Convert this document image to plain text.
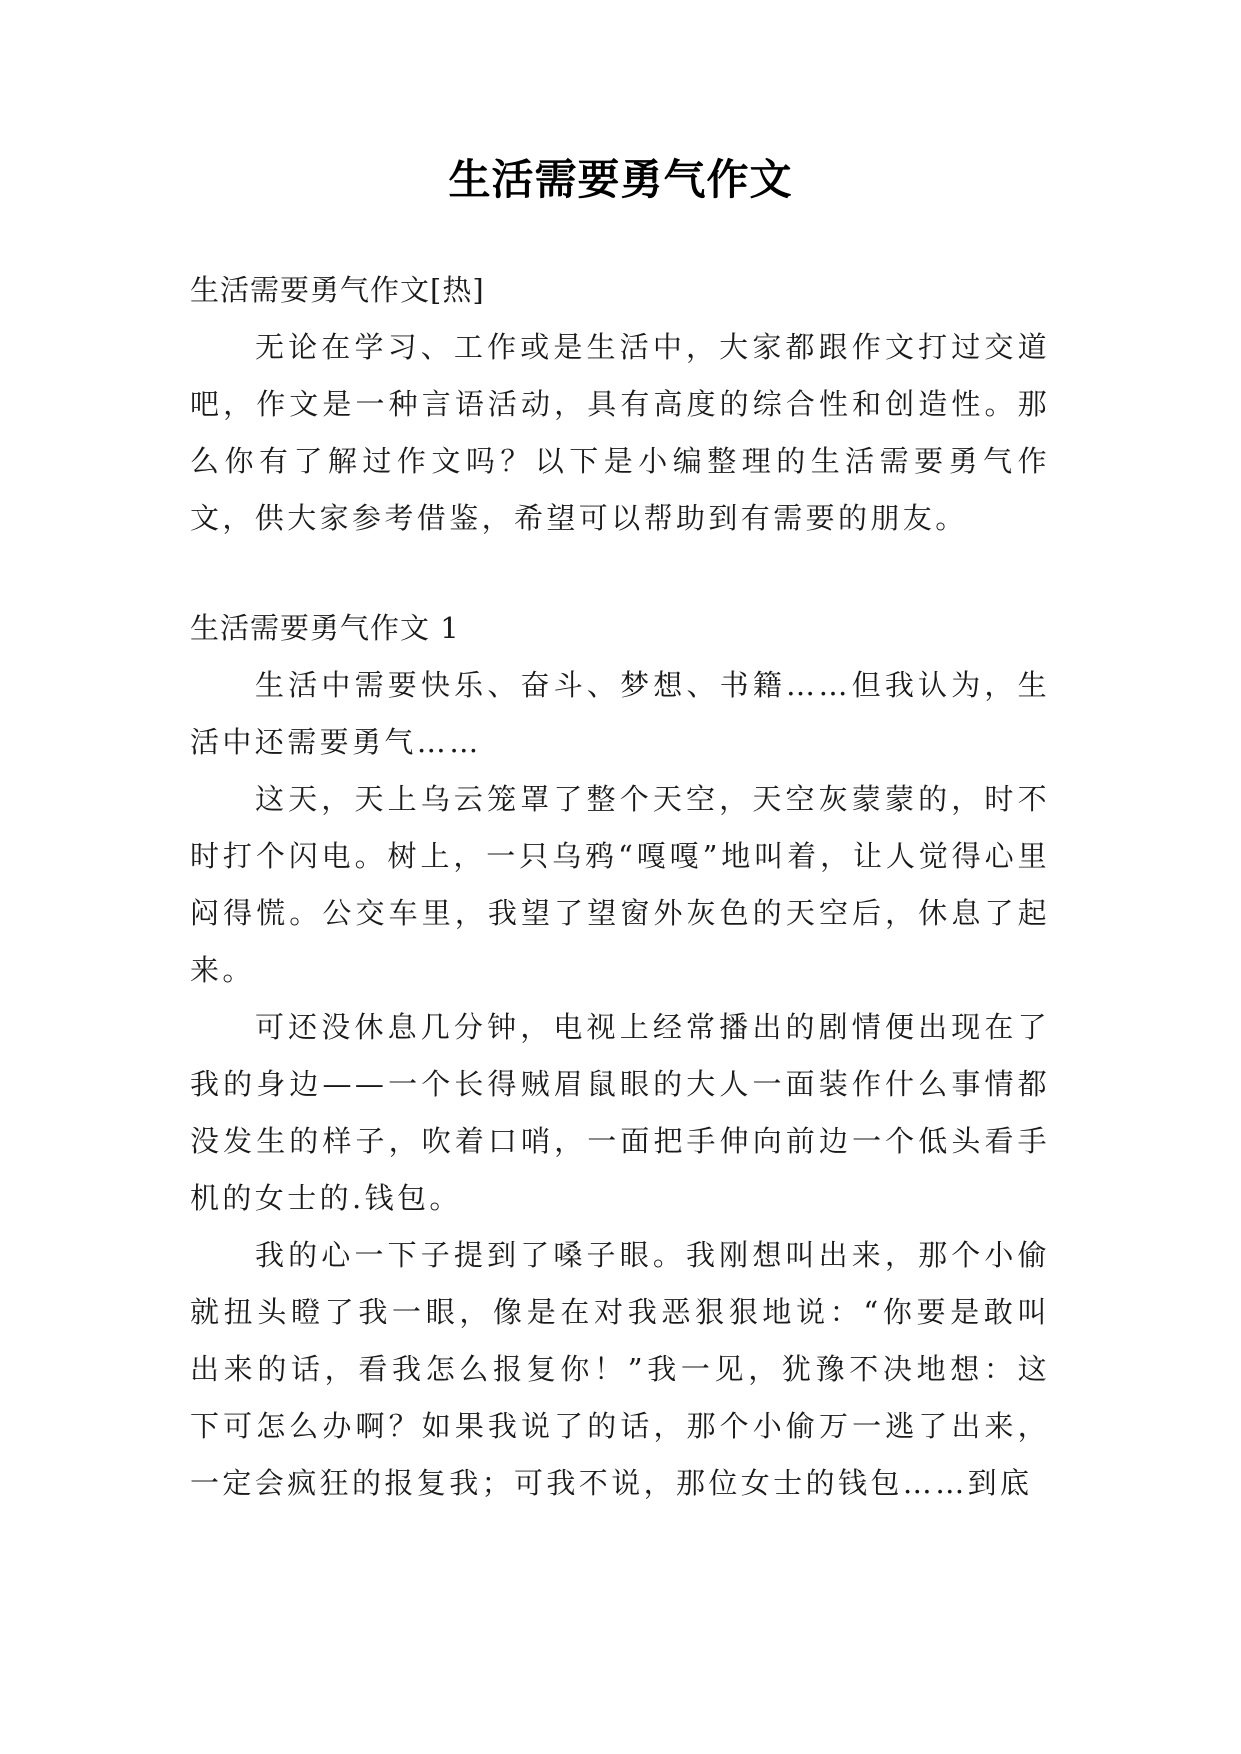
生活需要勇气作文

生活需要勇气作文[热]

无论在学习、工作或是生活中，大家都跟作文打过交道吧，作文是一种言语活动，具有高度的综合性和创造性。那么你有了解过作文吗？以下是小编整理的生活需要勇气作文，供大家参考借鉴，希望可以帮助到有需要的朋友。

生活需要勇气作文 1

生活中需要快乐、奋斗、梦想、书籍……但我认为，生活中还需要勇气……

这天，天上乌云笼罩了整个天空，天空灰蒙蒙的，时不时打个闪电。树上，一只乌鸦“嘎嘎”地叫着，让人觉得心里闷得慌。公交车里，我望了望窗外灰色的天空后，休息了起来。

可还没休息几分钟，电视上经常播出的剧情便出现在了我的身边——一个长得贼眉鼠眼的大人一面装作什么事情都没发生的样子，吹着口哨，一面把手伸向前边一个低头看手机的女士的.钱包。

我的心一下子提到了嗓子眼。我刚想叫出来，那个小偷就扭头瞪了我一眼，像是在对我恶狠狠地说：“你要是敢叫出来的话，看我怎么报复你！”我一见，犹豫不决地想：这下可怎么办啊？如果我说了的话，那个小偷万一逃了出来，一定会疯狂的报复我；可我不说，那位女士的钱包……到底
